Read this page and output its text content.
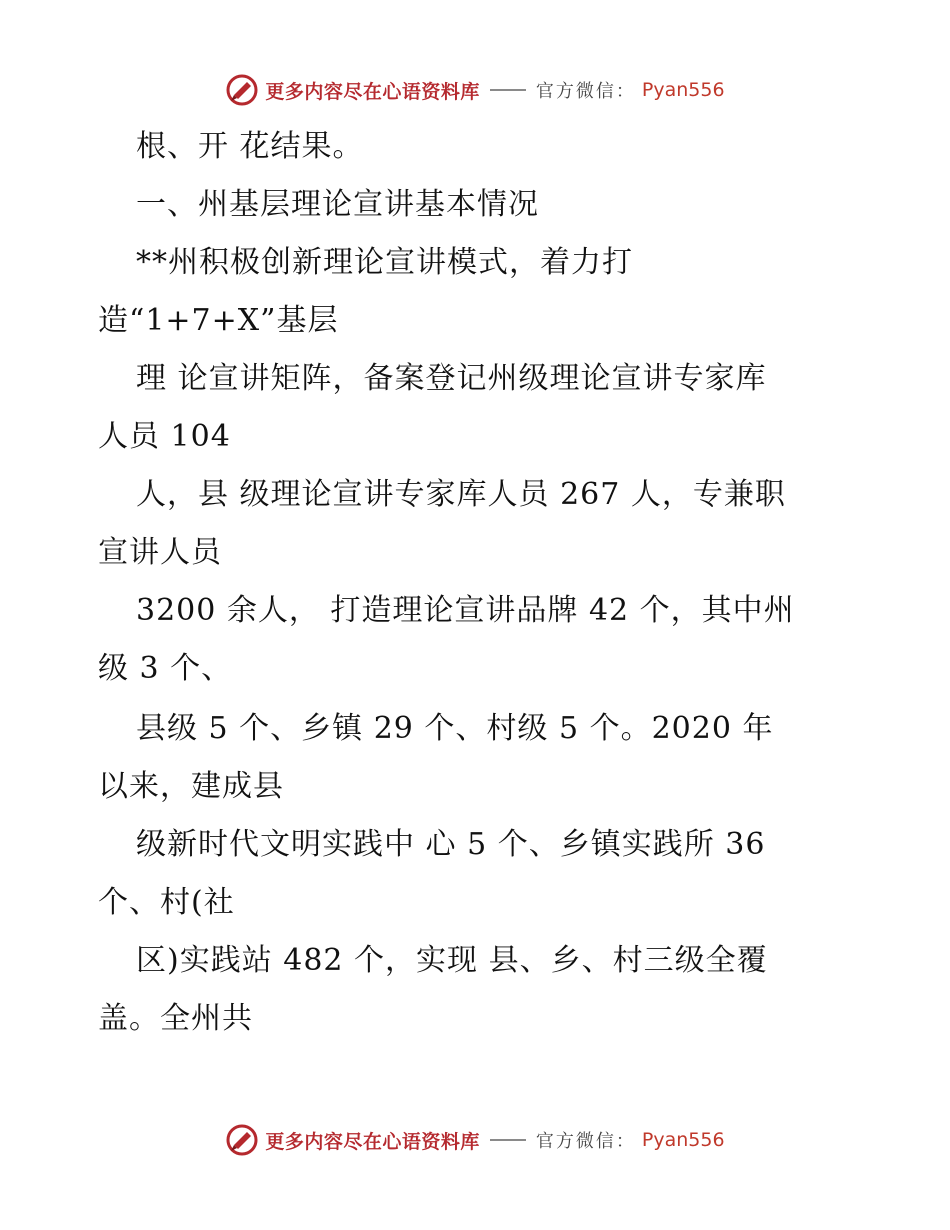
更多内容尽在心语资料库	官方微信： Pyan556

根、开 花结果。

一、州基层理论宣讲基本情况

**州积极创新理论宣讲模式，着力打

造“1+7+X”基层

理 论宣讲矩阵，备案登记州级理论宣讲专家库

人员 104

人，县 级理论宣讲专家库人员 267 人，专兼职

宣讲人员

3200 余人， 打造理论宣讲品牌 42 个，其中州

级 3 个、

县级 5 个、乡镇 29 个、村级 5 个。2020 年

以来，建成县

级新时代文明实践中 心 5 个、乡镇实践所 36

个、村(社

区)实践站 482 个，实现 县、乡、村三级全覆

盖。全州共

更多内容尽在心语资料库	官方微信： Pyan556
